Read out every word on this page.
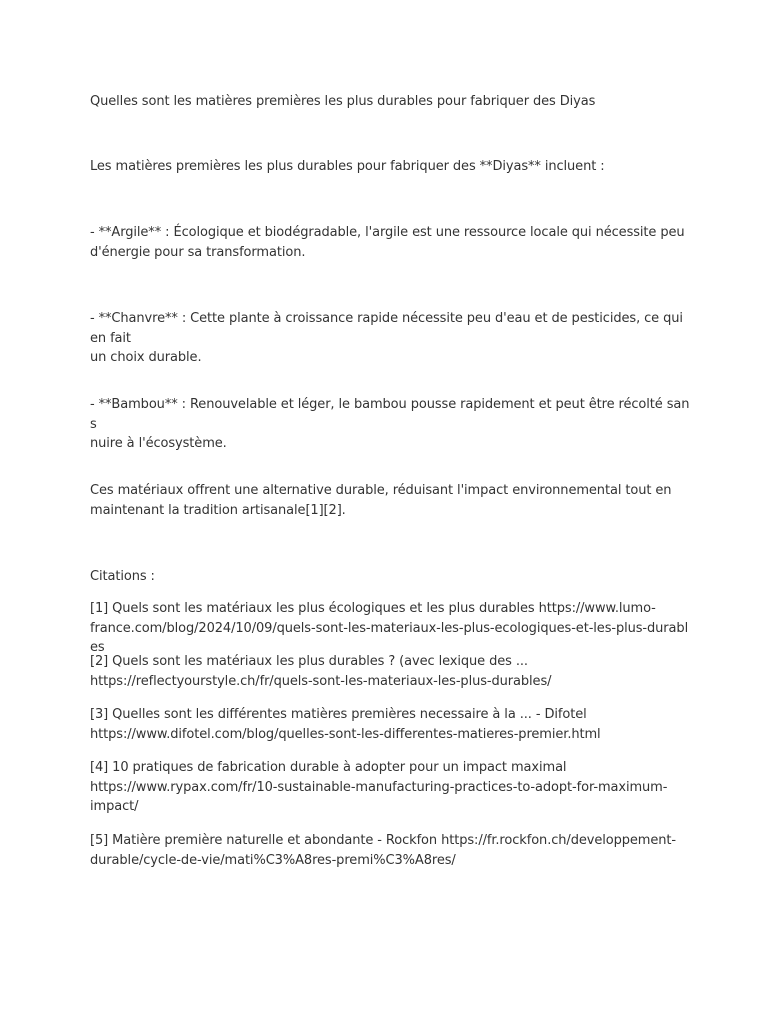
Quelles sont les matières premières les plus durables pour fabriquer des Diyas

Les matières premières les plus durables pour fabriquer des **Diyas** incluent :

- **Argile** : Écologique et biodégradable, l'argile est une ressource locale qui nécessite peu
d'énergie pour sa transformation.

- **Chanvre** : Cette plante à croissance rapide nécessite peu d'eau et de pesticides, ce qui en fait
un choix durable.

- **Bambou** : Renouvelable et léger, le bambou pousse rapidement et peut être récolté sans
nuire à l'écosystème.

Ces matériaux offrent une alternative durable, réduisant l'impact environnemental tout en
maintenant la tradition artisanale[1][2].

Citations :

[1] Quels sont les matériaux les plus écologiques et les plus durables https://www.lumo-
france.com/blog/2024/10/09/quels-sont-les-materiaux-les-plus-ecologiques-et-les-plus-durables

[2] Quels sont les matériaux les plus durables ? (avec lexique des ...
https://reflectyourstyle.ch/fr/quels-sont-les-materiaux-les-plus-durables/

[3] Quelles sont les différentes matières premières necessaire à la ... - Difotel
https://www.difotel.com/blog/quelles-sont-les-differentes-matieres-premier.html

[4] 10 pratiques de fabrication durable à adopter pour un impact maximal
https://www.rypax.com/fr/10-sustainable-manufacturing-practices-to-adopt-for-maximum-
impact/

[5] Matière première naturelle et abondante - Rockfon https://fr.rockfon.ch/developpement-
durable/cycle-de-vie/mati%C3%A8res-premi%C3%A8res/
